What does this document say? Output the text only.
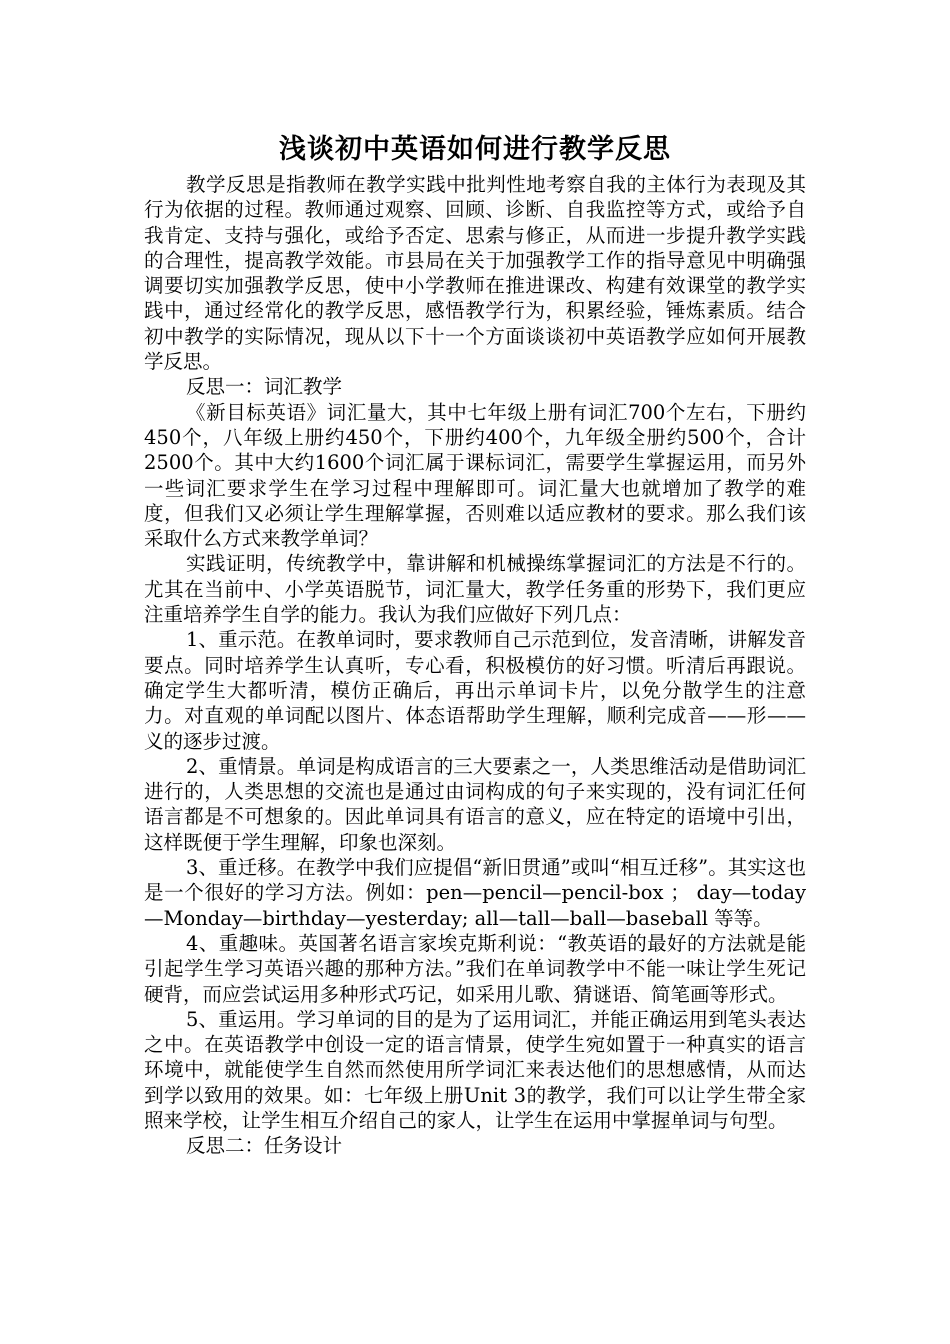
浅谈初中英语如何进行教学反思

教学反思是指教师在教学实践中批判性地考察自我的主体行为表现及其行为依据的过程。教师通过观察、回顾、诊断、自我监控等方式，或给予自我肯定、支持与强化，或给予否定、思索与修正，从而进一步提升教学实践的合理性，提高教学效能。市县局在关于加强教学工作的指导意见中明确强调要切实加强教学反思，使中小学教师在推进课改、构建有效课堂的教学实践中，通过经常化的教学反思，感悟教学行为，积累经验，锤炼素质。结合初中教学的实际情况，现从以下十一个方面谈谈初中英语教学应如何开展教学反思。

反思一：词汇教学

《新目标英语》词汇量大，其中七年级上册有词汇700个左右，下册约450个，八年级上册约450个，下册约400个，九年级全册约500个，合计2500个。其中大约1600个词汇属于课标词汇，需要学生掌握运用，而另外一些词汇要求学生在学习过程中理解即可。词汇量大也就增加了教学的难度，但我们又必须让学生理解掌握，否则难以适应教材的要求。那么我们该采取什么方式来教学单词？

实践证明，传统教学中，靠讲解和机械操练掌握词汇的方法是不行的。尤其在当前中、小学英语脱节，词汇量大，教学任务重的形势下，我们更应注重培养学生自学的能力。我认为我们应做好下列几点：

1、重示范。在教单词时，要求教师自己示范到位，发音清晰，讲解发音要点。同时培养学生认真听，专心看，积极模仿的好习惯。听清后再跟说。确定学生大都听清，模仿正确后，再出示单词卡片，以免分散学生的注意力。对直观的单词配以图片、体态语帮助学生理解，顺利完成音——形——义的逐步过渡。

2、重情景。单词是构成语言的三大要素之一，人类思维活动是借助词汇进行的，人类思想的交流也是通过由词构成的句子来实现的，没有词汇任何语言都是不可想象的。因此单词具有语言的意义，应在特定的语境中引出，这样既便于学生理解，印象也深刻。

3、重迁移。在教学中我们应提倡“新旧贯通”或叫“相互迁移”。其实这也是一个很好的学习方法。例如：pen—pencil—pencil-box ； day—today—Monday—birthday—yesterday; all—tall—ball—baseball 等等。

4、重趣味。英国著名语言家埃克斯利说：“教英语的最好的方法就是能引起学生学习英语兴趣的那种方法。”我们在单词教学中不能一味让学生死记硬背，而应尝试运用多种形式巧记，如采用儿歌、猜谜语、简笔画等形式。

5、重运用。学习单词的目的是为了运用词汇，并能正确运用到笔头表达之中。在英语教学中创设一定的语言情景，使学生宛如置于一种真实的语言环境中，就能使学生自然而然使用所学词汇来表达他们的思想感情，从而达到学以致用的效果。如：七年级上册Unit 3的教学，我们可以让学生带全家照来学校，让学生相互介绍自己的家人，让学生在运用中掌握单词与句型。

反思二：任务设计
